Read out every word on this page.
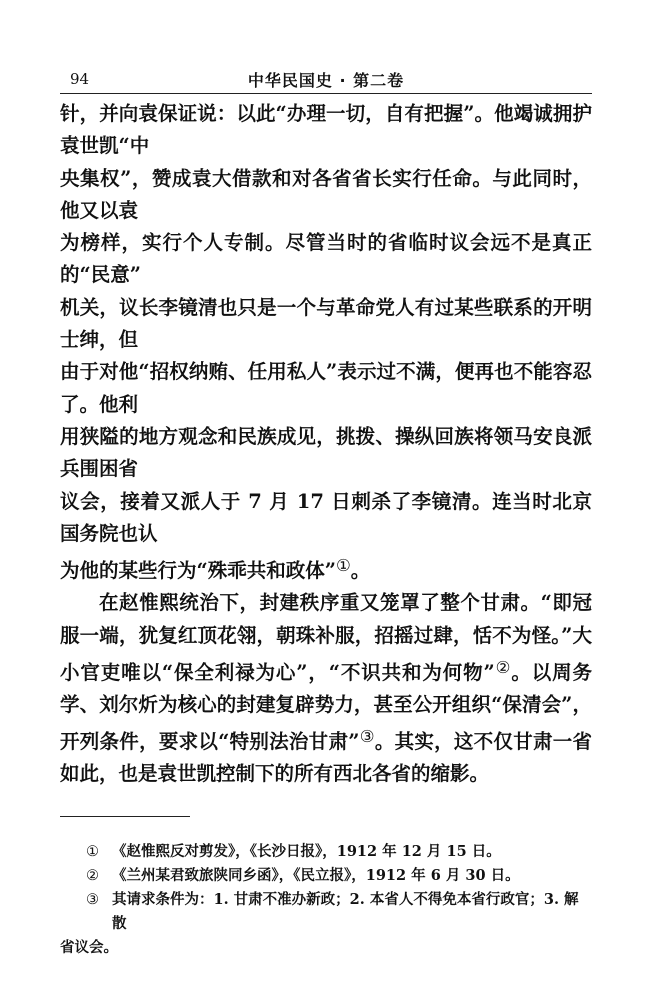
94	中华民国史 · 第二卷

针，并向袁保证说：以此“办理一切，自有把握”。他竭诚拥护袁世凯“中
央集权”，赞成袁大借款和对各省省长实行任命。与此同时，他又以袁
为榜样，实行个人专制。尽管当时的省临时议会远不是真正的“民意”
机关，议长李镜清也只是一个与革命党人有过某些联系的开明士绅，但
由于对他“招权纳贿、任用私人”表示过不满，便再也不能容忍了。他利
用狭隘的地方观念和民族成见，挑拨、操纵回族将领马安良派兵围困省
议会，接着又派人于 7 月 17 日刺杀了李镜清。连当时北京国务院也认
为他的某些行为“殊乖共和政体”①。

在赵惟熙统治下，封建秩序重又笼罩了整个甘肃。“即冠服一端，犹复红顶花翎，朝珠补服，招摇过肆，恬不为怪。”大小官吏唯以“保全利禄为心”，“不识共和为何物”②。以周务学、刘尔炘为核心的封建复辟势力，甚至公开组织“保清会”，开列条件，要求以“特别法治甘肃”③。其实，这不仅甘肃一省如此，也是袁世凯控制下的所有西北各省的缩影。

① 《赵惟熙反对剪发》，《长沙日报》，1912 年 12 月 15 日。
② 《兰州某君致旅陕同乡函》，《民立报》，1912 年 6 月 30 日。
③ 其请求条件为：1. 甘肃不准办新政；2. 本省人不得免本省行政官；3. 解散
省议会。
